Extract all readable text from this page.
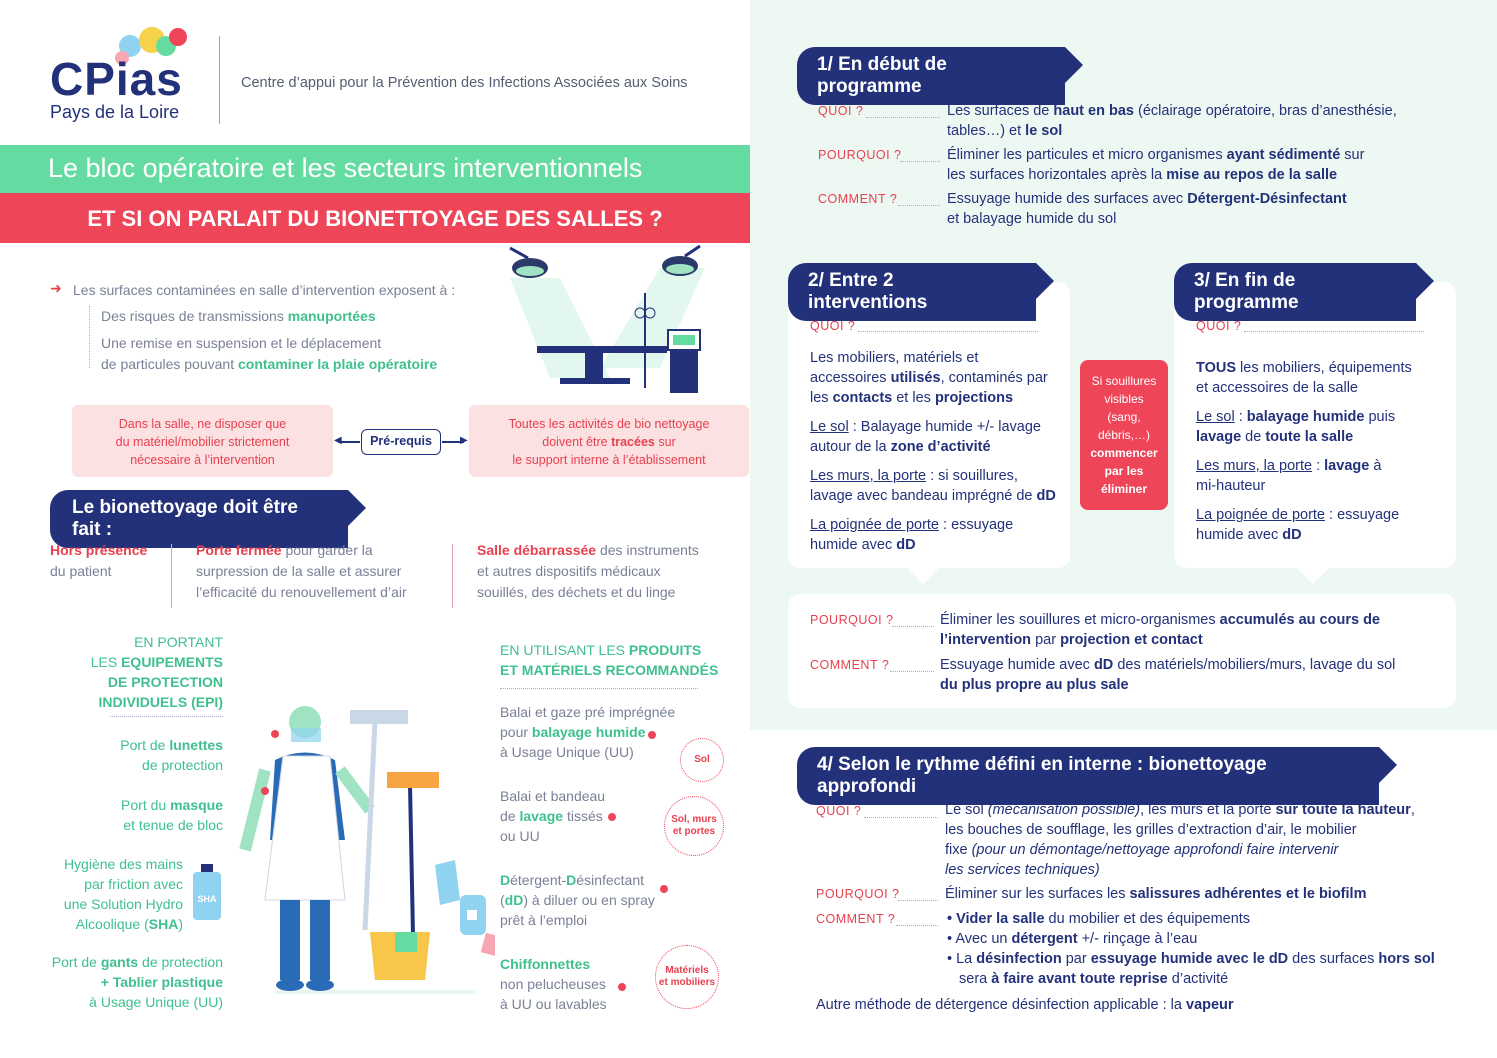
CPias
Pays de la Loire
Centre d’appui pour la Prévention des Infections Associées aux Soins
Le bloc opératoire et les secteurs interventionnels
ET SI ON PARLAIT DU BIONETTOYAGE DES SALLES ?
➜ Les surfaces contaminées en salle d’intervention exposent à :
Des risques de transmissions manuportées
Une remise en suspension et le déplacement
de particules pouvant contaminer la plaie opératoire
Dans la salle, ne disposer que
du matériel/mobilier strictement
nécessaire à l’intervention
◀	Pré-requis	▶
Toutes les activités de bio nettoyage
doivent être tracées sur
le support interne à l’établissement
Le bionettoyage doit être fait :
Hors présence
du patient
Porte fermée pour garder la
surpression de la salle et assurer
l’efficacité du renouvellement d’air
Salle débarrassée des instruments
et autres dispositifs médicaux
souillés, des déchets et du linge
EN PORTANT
LES EQUIPEMENTS
DE PROTECTION
INDIVIDUELS (EPI)
Port de lunettes
de protection
Port du masque
et tenue de bloc
Hygiène des mains
par friction avec
une Solution Hydro
Alcoolique (SHA)
Port de gants de protection
+ Tablier plastique
à Usage Unique (UU)
SHA
EN UTILISANT LES PRODUITS
ET MATÉRIELS RECOMMANDÉS
Balai et gaze pré imprégnée
pour balayage humide
à Usage Unique (UU)	Sol
Balai et bandeau
de lavage tissés
ou UU
Sol, murs
et portes
Détergent-Désinfectant
(dD) à diluer ou en spray
prêt à l’emploi
Chiffonnettes
non pelucheuses
à UU ou lavables
Matériels
et mobiliers
1/ En début de programme
QUOI ?	Les surfaces de haut en bas (éclairage opératoire, bras d’anesthésie,
tables…) et le sol
POURQUOI ?	Éliminer les particules et micro organismes ayant sédimenté sur
les surfaces horizontales après la mise au repos de la salle
COMMENT ?	Essuyage humide des surfaces avec Détergent-Désinfectant
et balayage humide du sol
2/ Entre 2 interventions
QUOI ?
Les mobiliers, matériels et
accessoires utilisés, contaminés par
les contacts et les projections
Le sol : Balayage humide +/- lavage
autour de la zone d’activité
Les murs, la porte : si souillures,
lavage avec bandeau imprégné de dD
La poignée de porte : essuyage
humide avec dD
Si souillures
visibles
(sang,
débris,…)
commencer
par les
éliminer
3/ En fin de programme
QUOI ?
TOUS les mobiliers, équipements
et accessoires de la salle
Le sol : balayage humide puis
lavage de toute la salle
Les murs, la porte : lavage à
mi-hauteur
La poignée de porte : essuyage
humide avec dD
POURQUOI ?	Éliminer les souillures et micro-organismes accumulés au cours de
l’intervention par projection et contact
COMMENT ?	Essuyage humide avec dD des matériels/mobiliers/murs, lavage du sol
du plus propre au plus sale
4/ Selon le rythme défini en interne : bionettoyage approfondi
QUOI ?	Le sol (mécanisation possible), les murs et la porte sur toute la hauteur,
les bouches de soufflage, les grilles d’extraction d’air, le mobilier
fixe (pour un démontage/nettoyage approfondi faire intervenir
les services techniques)
POURQUOI ?	Éliminer sur les surfaces les salissures adhérentes et le biofilm
COMMENT ?	• Vider la salle du mobilier et des équipements
• Avec un détergent +/- rinçage à l’eau
• La désinfection par essuyage humide avec le dD des surfaces hors sol
sera à faire avant toute reprise d’activité
Autre méthode de détergence désinfection applicable : la vapeur
